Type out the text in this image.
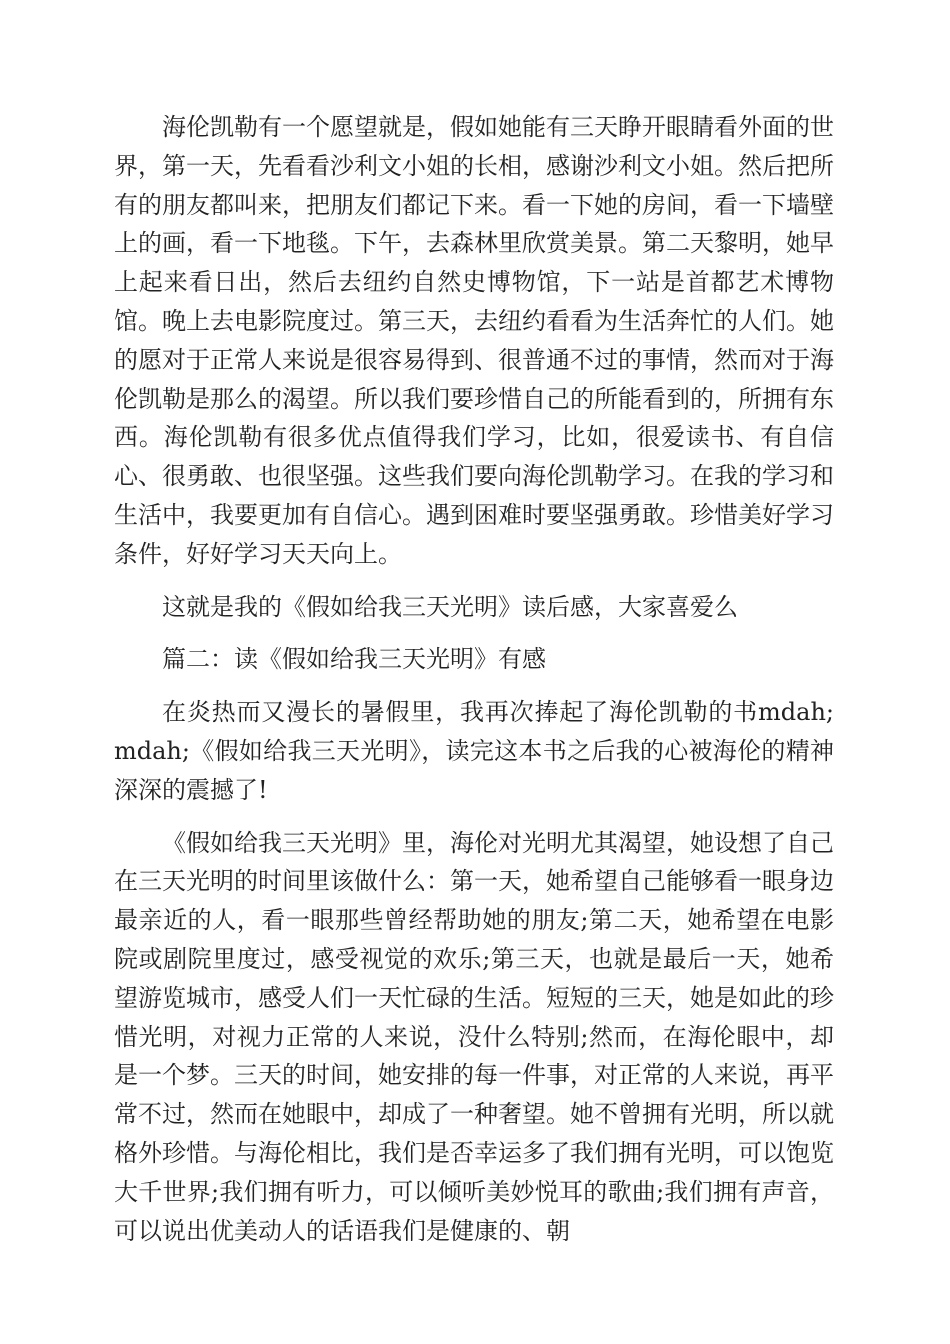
海伦凯勒有一个愿望就是，假如她能有三天睁开眼睛看外面的世界，第一天，先看看沙利文小姐的长相，感谢沙利文小姐。然后把所有的朋友都叫来，把朋友们都记下来。看一下她的房间，看一下墙壁上的画，看一下地毯。下午，去森林里欣赏美景。第二天黎明，她早上起来看日出，然后去纽约自然史博物馆，下一站是首都艺术博物馆。晚上去电影院度过。第三天，去纽约看看为生活奔忙的人们。她的愿对于正常人来说是很容易得到、很普通不过的事情，然而对于海伦凯勒是那么的渴望。所以我们要珍惜自己的所能看到的，所拥有东西。海伦凯勒有很多优点值得我们学习，比如，很爱读书、有自信心、很勇敢、也很坚强。这些我们要向海伦凯勒学习。在我的学习和生活中，我要更加有自信心。遇到困难时要坚强勇敢。珍惜美好学习条件，好好学习天天向上。

这就是我的《假如给我三天光明》读后感，大家喜爱么

篇二：读《假如给我三天光明》有感

在炎热而又漫长的暑假里，我再次捧起了海伦凯勒的书mdah;mdah;《假如给我三天光明》，读完这本书之后我的心被海伦的精神深深的震撼了!

《假如给我三天光明》里，海伦对光明尤其渴望，她设想了自己在三天光明的时间里该做什么：第一天，她希望自己能够看一眼身边最亲近的人，看一眼那些曾经帮助她的朋友;第二天，她希望在电影院或剧院里度过，感受视觉的欢乐;第三天，也就是最后一天，她希望游览城市，感受人们一天忙碌的生活。短短的三天，她是如此的珍惜光明，对视力正常的人来说，没什么特别;然而，在海伦眼中，却是一个梦。三天的时间，她安排的每一件事，对正常的人来说，再平常不过，然而在她眼中，却成了一种奢望。她不曾拥有光明，所以就格外珍惜。与海伦相比，我们是否幸运多了我们拥有光明，可以饱览大千世界;我们拥有听力，可以倾听美妙悦耳的歌曲;我们拥有声音，可以说出优美动人的话语我们是健康的、朝
